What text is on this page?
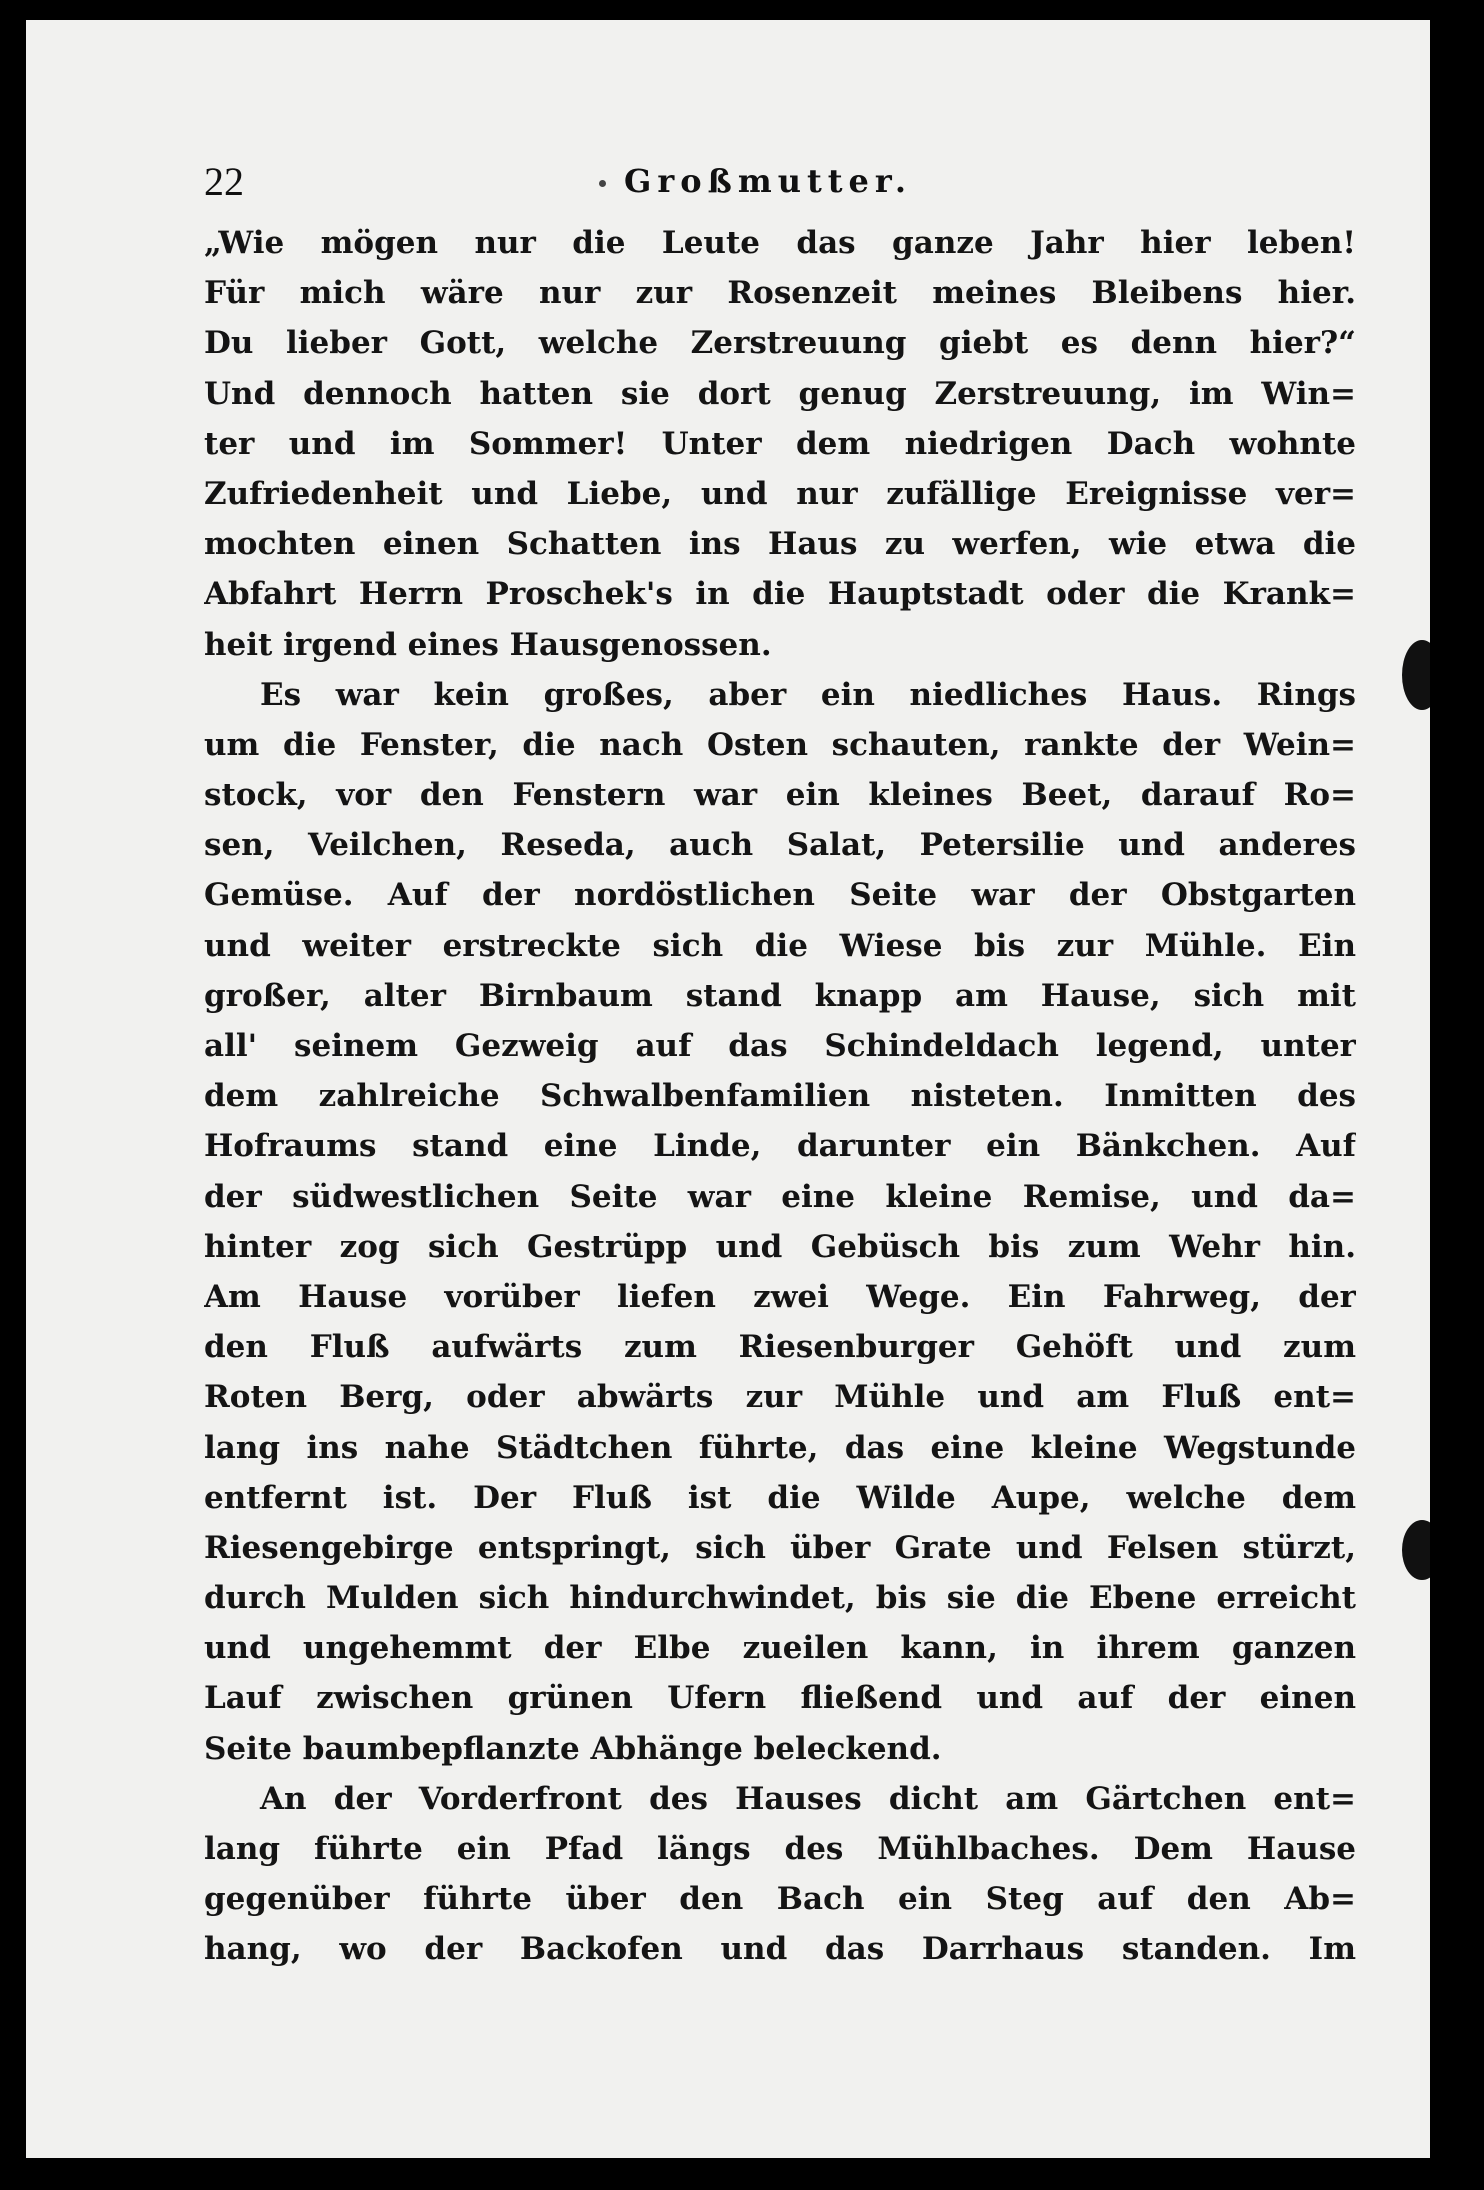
22	Großmutter.
„Wie mögen nur die Leute das ganze Jahr hier leben!
Für mich wäre nur zur Rosenzeit meines Bleibens hier.
Du lieber Gott, welche Zerstreuung giebt es denn hier?“
Und dennoch hatten sie dort genug Zerstreuung, im Win=
ter und im Sommer! Unter dem niedrigen Dach wohnte
Zufriedenheit und Liebe, und nur zufällige Ereignisse ver=
mochten einen Schatten ins Haus zu werfen, wie etwa die
Abfahrt Herrn Proschek's in die Hauptstadt oder die Krank=
heit irgend eines Hausgenossen.
Es war kein großes, aber ein niedliches Haus. Rings
um die Fenster, die nach Osten schauten, rankte der Wein=
stock, vor den Fenstern war ein kleines Beet, darauf Ro=
sen, Veilchen, Reseda, auch Salat, Petersilie und anderes
Gemüse. Auf der nordöstlichen Seite war der Obstgarten
und weiter erstreckte sich die Wiese bis zur Mühle. Ein
großer, alter Birnbaum stand knapp am Hause, sich mit
all' seinem Gezweig auf das Schindeldach legend, unter
dem zahlreiche Schwalbenfamilien nisteten. Inmitten des
Hofraums stand eine Linde, darunter ein Bänkchen. Auf
der südwestlichen Seite war eine kleine Remise, und da=
hinter zog sich Gestrüpp und Gebüsch bis zum Wehr hin.
Am Hause vorüber liefen zwei Wege. Ein Fahrweg, der
den Fluß aufwärts zum Riesenburger Gehöft und zum
Roten Berg, oder abwärts zur Mühle und am Fluß ent=
lang ins nahe Städtchen führte, das eine kleine Wegstunde
entfernt ist. Der Fluß ist die Wilde Aupe, welche dem
Riesengebirge entspringt, sich über Grate und Felsen stürzt,
durch Mulden sich hindurchwindet, bis sie die Ebene erreicht
und ungehemmt der Elbe zueilen kann, in ihrem ganzen
Lauf zwischen grünen Ufern fließend und auf der einen
Seite baumbepflanzte Abhänge beleckend.
An der Vorderfront des Hauses dicht am Gärtchen ent=
lang führte ein Pfad längs des Mühlbaches. Dem Hause
gegenüber führte über den Bach ein Steg auf den Ab=
hang, wo der Backofen und das Darrhaus standen. Im
